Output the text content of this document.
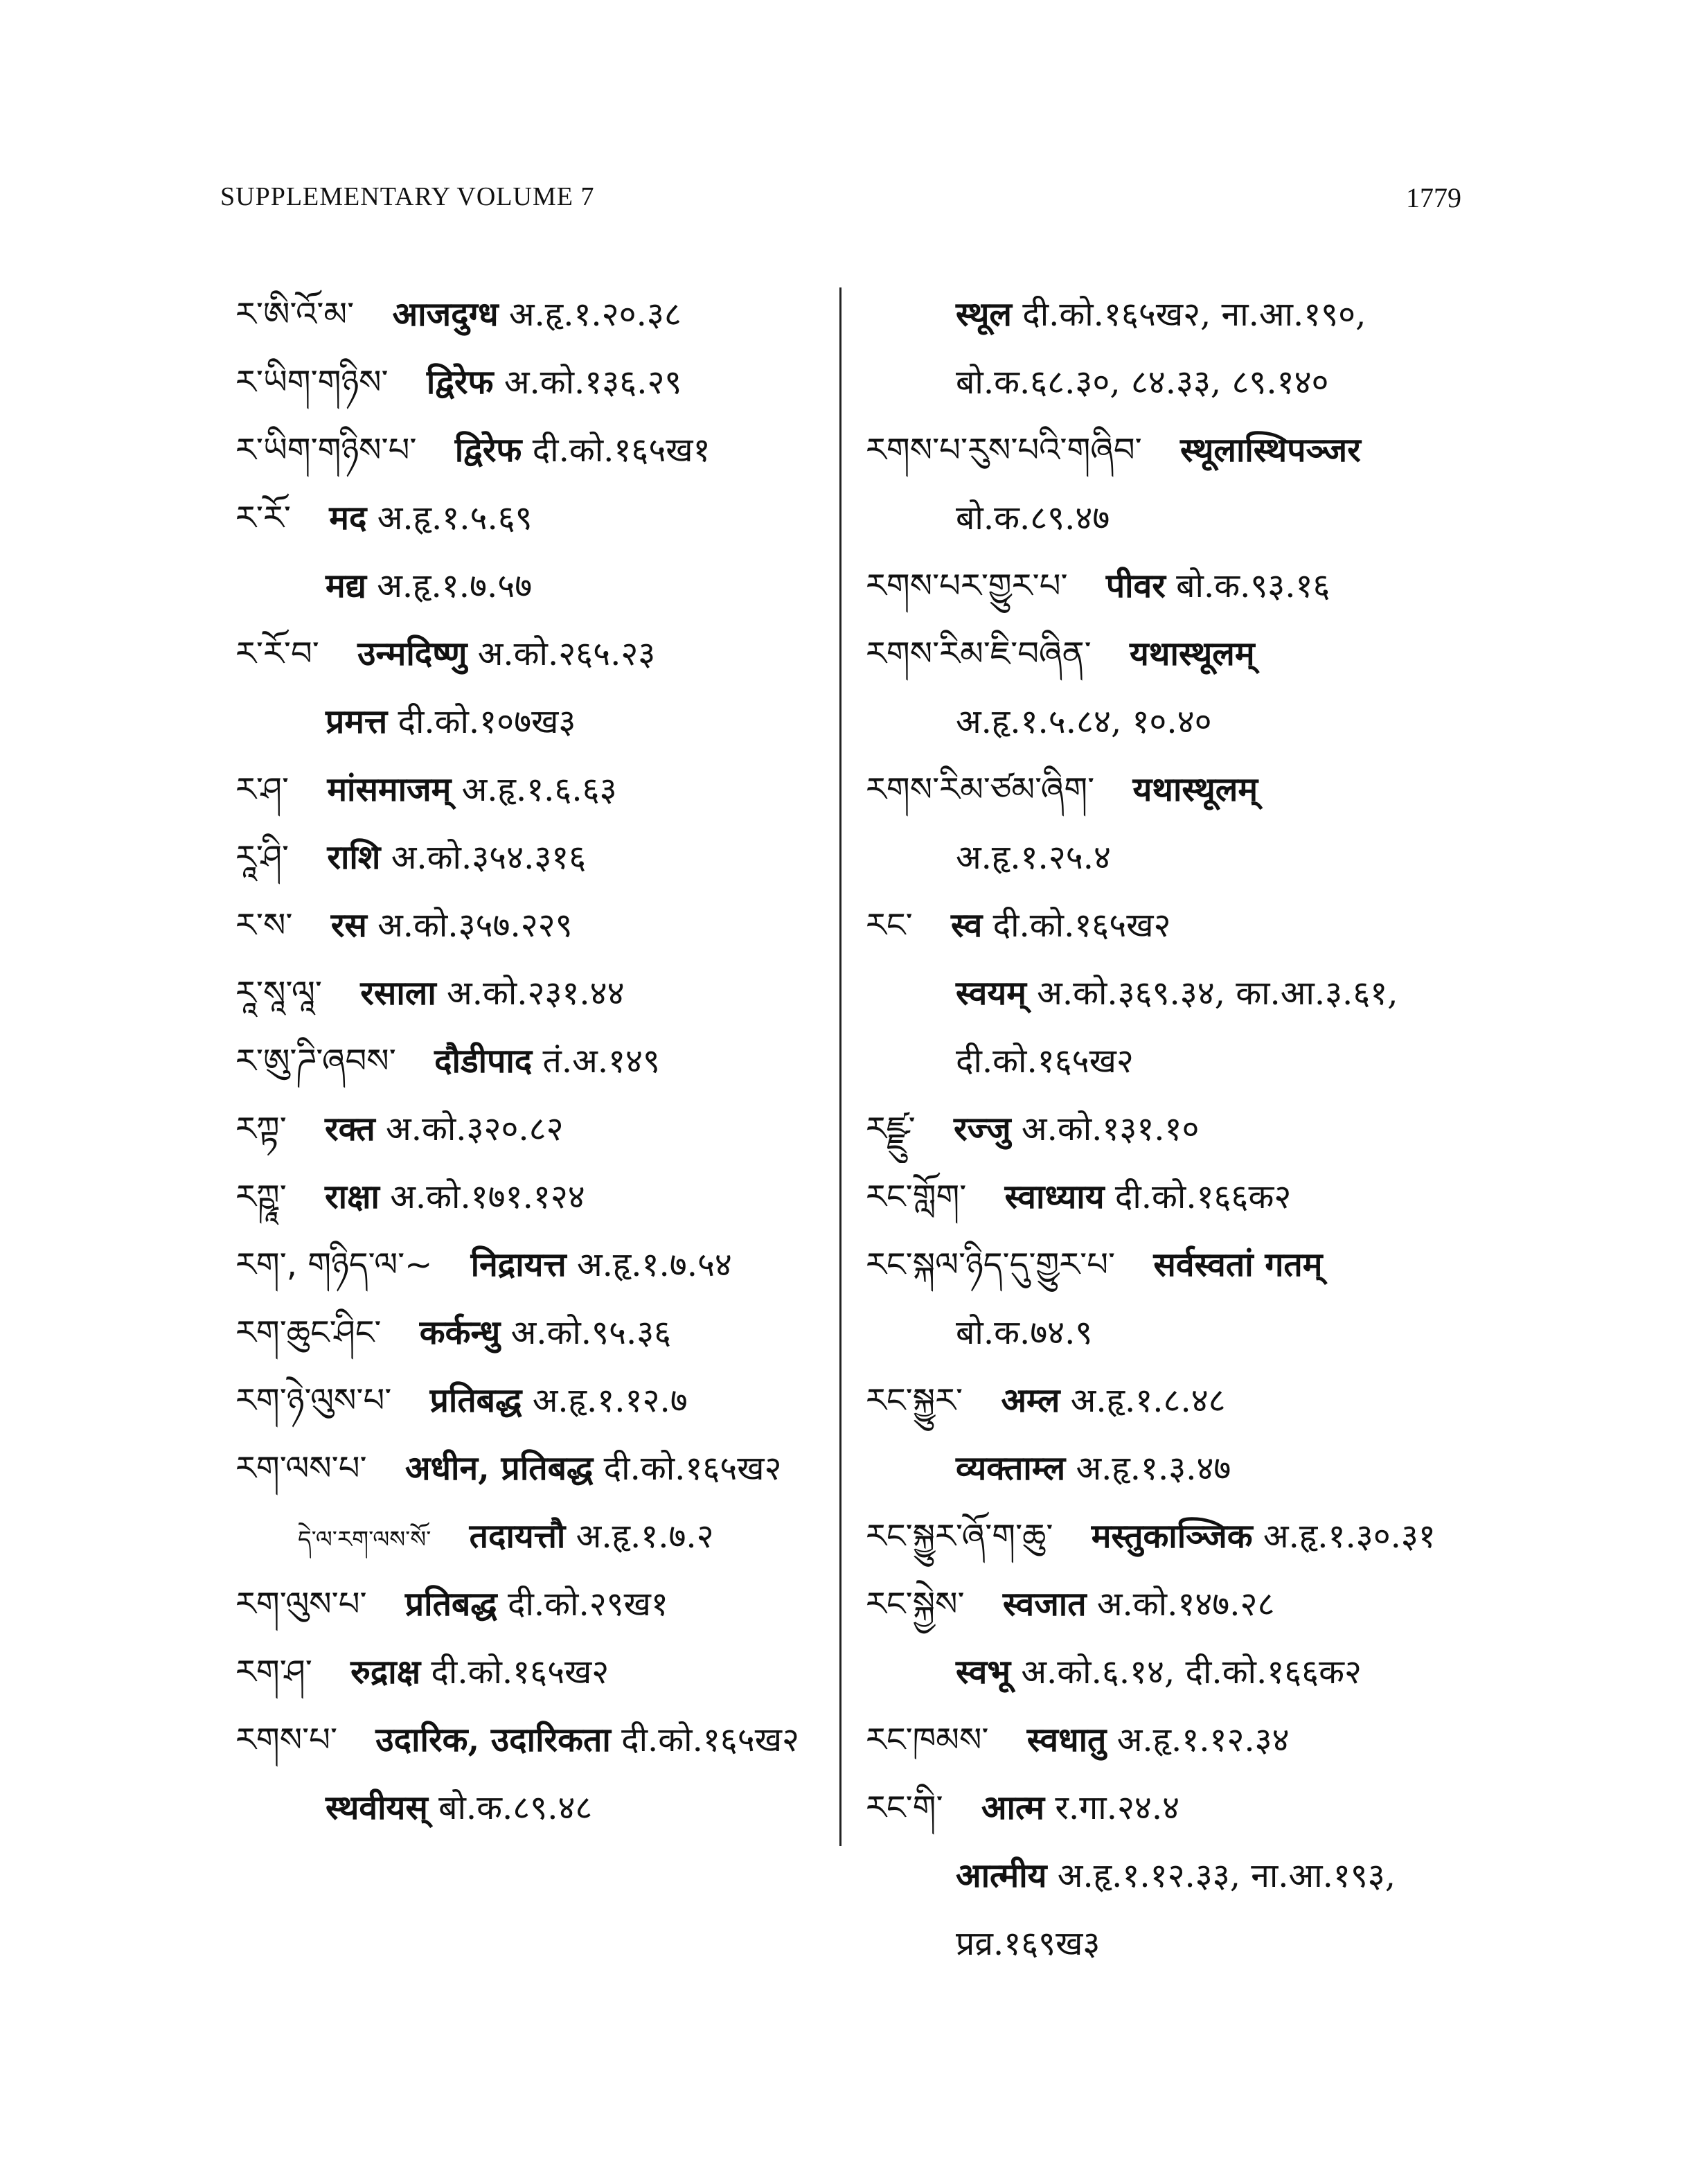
SUPPLEMENTARY VOLUME 7	1779
ར་ཨི་འོ་མ་ आजदुग्ध अ.हृ.१.२०.३८
ར་ཡིག་གཉིས་ द्विरेफ अ.को.१३६.२९
ར་ཡིག་གཉིས་པ་ द्विरेफ दी.को.१६५ख१
ར་རོ་ मद अ.हृ.१.५.६९
मद्य अ.हृ.१.७.५७
ར་རོ་བ་ उन्मदिष्णु अ.को.२६५.२३
प्रमत्त दी.को.१०७ख३
ར་ཤ་ मांसमाजम् अ.हृ.१.६.६३
རཱ་ཤི་ राशि अ.को.३५४.३१६
ར་ས་ रस अ.को.३५७.२२९
རཱ་སཱ་ལཱ་ रसाला अ.को.२३१.४४
ར་ཨུ་ཌི་ཞབས་ दौडीपाद तं.अ.१४९
རཀྟ་ रक्त अ.को.३२०.८२
རཀྵཱ་ राक्षा अ.को.१७१.१२४
རག་, གཉིད་ལ་~ निद्रायत्त अ.हृ.१.७.५४
རག་ཆུང་ཤིང་ कर्कन्धु अ.को.९५.३६
རག་ཉེ་ལུས་པ་ प्रतिबद्ध अ.हृ.१.१२.७
རག་ལས་པ་ अधीन, प्रतिबद्ध दी.को.१६५ख२
དེ་ལ་རག་ལས་སོ་ तदायत्तौ अ.हृ.१.७.२
རག་ལུས་པ་ प्रतिबद्ध दी.को.२९ख१
རག་ཤ་ रुद्राक्ष दी.को.१६५ख२
རགས་པ་ उदारिक, उदारिकता दी.को.१६५ख२
स्थवीयस् बो.क.८९.४८
स्थूल दी.को.१६५ख२, ना.आ.१९०,
बो.क.६८.३०, ८४.३३, ८९.१४०
རགས་པ་རུས་པའི་གཞིབ་ स्थूलास्थिपञ्जर
बो.क.८९.४७
རགས་པར་གྱུར་པ་ पीवर बो.क.९३.१६
རགས་རིམ་ཇི་བཞིན་ यथास्थूलम्
अ.हृ.१.५.८४, १०.४०
རགས་རིམ་ཙམ་ཞིག་ यथास्थूलम्
अ.हृ.१.२५.४
རང་ स्व दी.को.१६५ख२
स्वयम् अ.को.३६९.३४, का.आ.३.६१,
दी.को.१६५ख२
རཛྫུ་ रज्जु अ.को.१३१.१०
རང་གློག་ स्वाध्याय दी.को.१६६क२
རང་སྐལ་ཉིད་དུ་གྱུར་པ་ सर्वस्वतां गतम्
बो.क.७४.९
རང་སྐྱུར་ अम्ल अ.हृ.१.८.४८
व्यक्ताम्ल अ.हृ.१.३.४७
རང་སྐྱུར་ཞོ་ག་ཆུ་ मस्तुकाञ्जिक अ.हृ.१.३०.३१
རང་སྐྱེས་ स्वजात अ.को.१४७.२८
स्वभू अ.को.६.१४, दी.को.१६६क२
རང་ཁམས་ स्वधातु अ.हृ.१.१२.३४
རང་གི་ आत्म र.गा.२४.४
आत्मीय अ.हृ.१.१२.३३, ना.आ.१९३,
प्रव्र.१६९ख३
